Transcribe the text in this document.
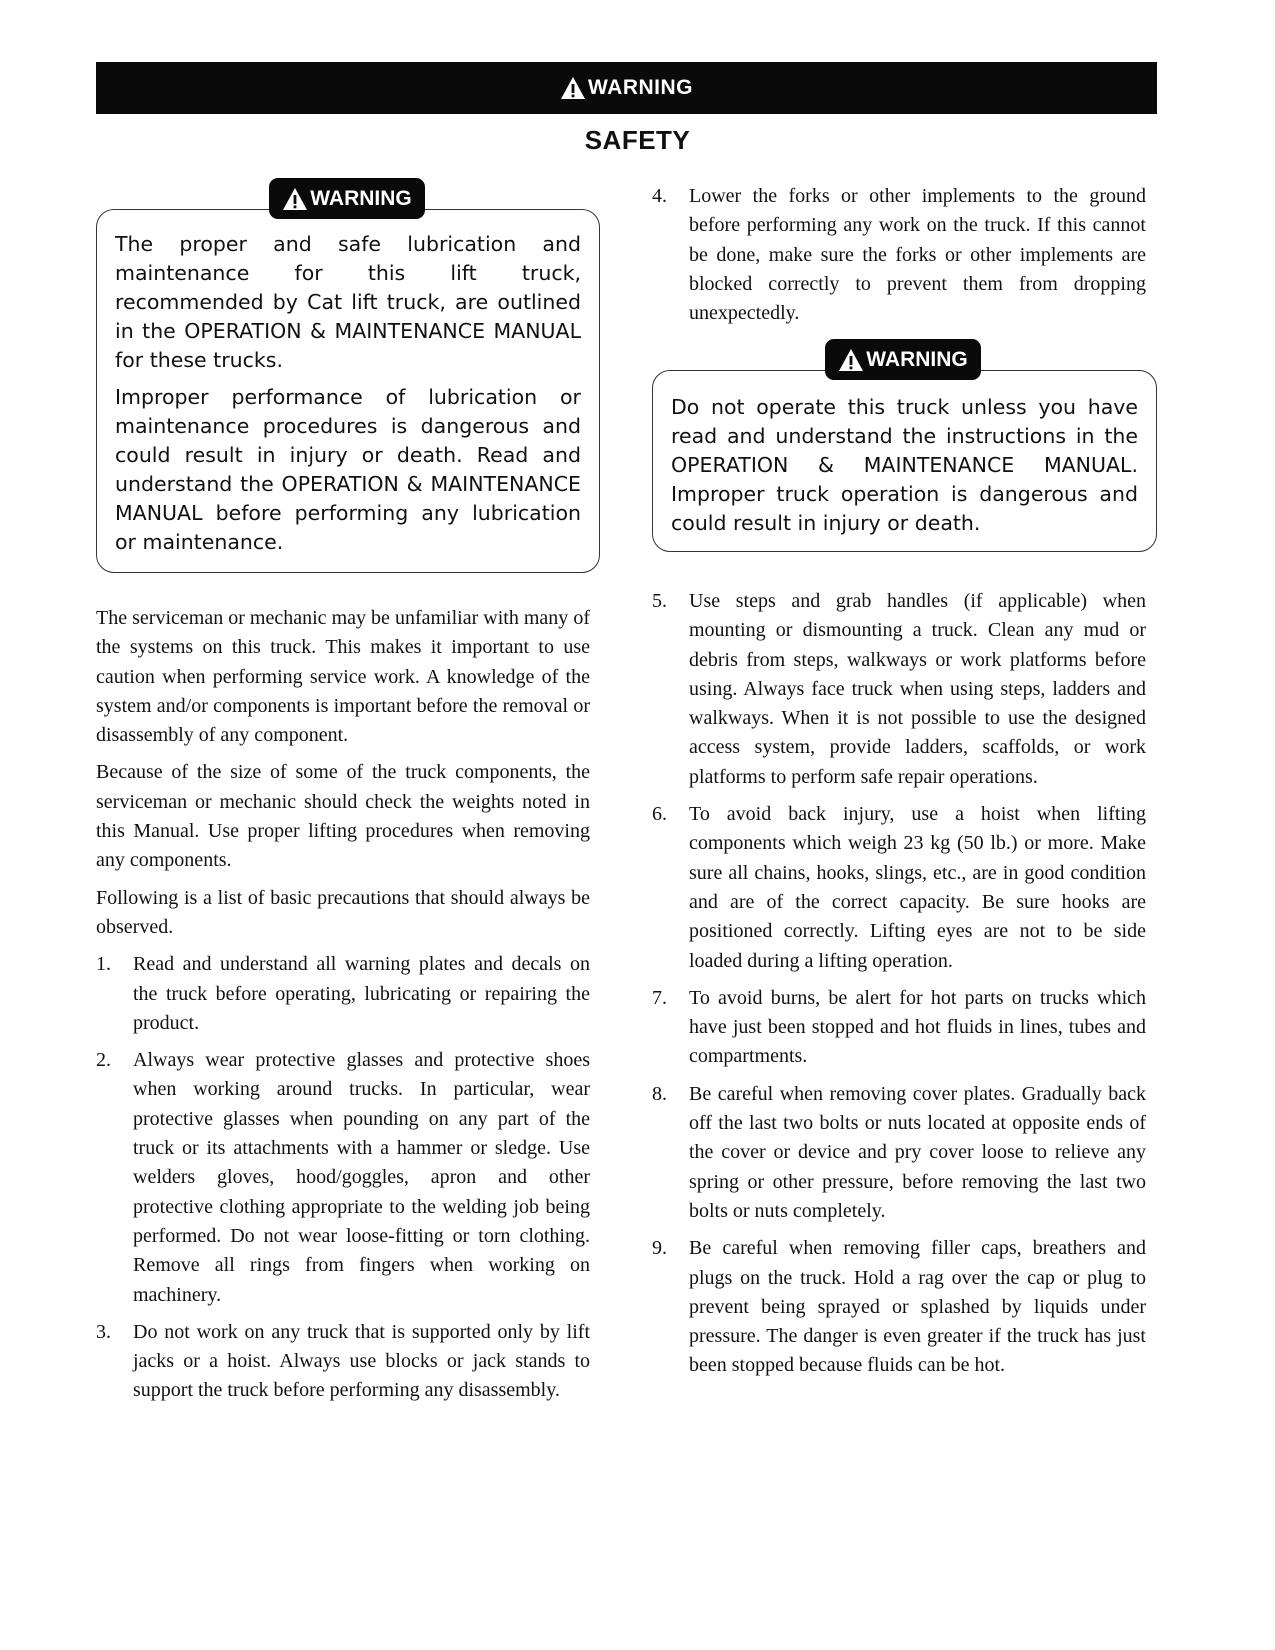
WARNING
SAFETY
WARNING

The proper and safe lubrication and maintenance for this lift truck, recommended by Cat lift truck, are outlined in the OPERATION & MAINTENANCE MANUAL for these trucks.

Improper performance of lubrication or maintenance procedures is dangerous and could result in injury or death. Read and understand the OPERATION & MAINTENANCE MANUAL before performing any lubrication or maintenance.

WARNING

Do not operate this truck unless you have read and understand the instructions in the OPERATION & MAINTENANCE MANUAL. Improper truck operation is dangerous and could result in injury or death.

The serviceman or mechanic may be unfamiliar with many of the systems on this truck. This makes it important to use caution when performing service work. A knowledge of the system and/or components is important before the removal or disassembly of any component.

Because of the size of some of the truck components, the serviceman or mechanic should check the weights noted in this Manual. Use proper lifting procedures when removing any components.

Following is a list of basic precautions that should always be observed.

1. Read and understand all warning plates and decals on the truck before operating, lubricating or repairing the product.
2. Always wear protective glasses and protective shoes when working around trucks. In particular, wear protective glasses when pounding on any part of the truck or its attachments with a hammer or sledge. Use welders gloves, hood/goggles, apron and other protective clothing appropriate to the welding job being performed. Do not wear loose-fitting or torn clothing. Remove all rings from fingers when working on machinery.
3. Do not work on any truck that is supported only by lift jacks or a hoist. Always use blocks or jack stands to support the truck before performing any disassembly.
4. Lower the forks or other implements to the ground before performing any work on the truck. If this cannot be done, make sure the forks or other implements are blocked correctly to prevent them from dropping unexpectedly.
5. Use steps and grab handles (if applicable) when mounting or dismounting a truck. Clean any mud or debris from steps, walkways or work platforms before using. Always face truck when using steps, ladders and walkways. When it is not possible to use the designed access system, provide ladders, scaffolds, or work platforms to perform safe repair operations.
6. To avoid back injury, use a hoist when lifting components which weigh 23 kg (50 lb.) or more. Make sure all chains, hooks, slings, etc., are in good condition and are of the correct capacity. Be sure hooks are positioned correctly. Lifting eyes are not to be side loaded during a lifting operation.
7. To avoid burns, be alert for hot parts on trucks which have just been stopped and hot fluids in lines, tubes and compartments.
8. Be careful when removing cover plates. Gradually back off the last two bolts or nuts located at opposite ends of the cover or device and pry cover loose to relieve any spring or other pressure, before removing the last two bolts or nuts completely.
9. Be careful when removing filler caps, breathers and plugs on the truck. Hold a rag over the cap or plug to prevent being sprayed or splashed by liquids under pressure. The danger is even greater if the truck has just been stopped because fluids can be hot.
